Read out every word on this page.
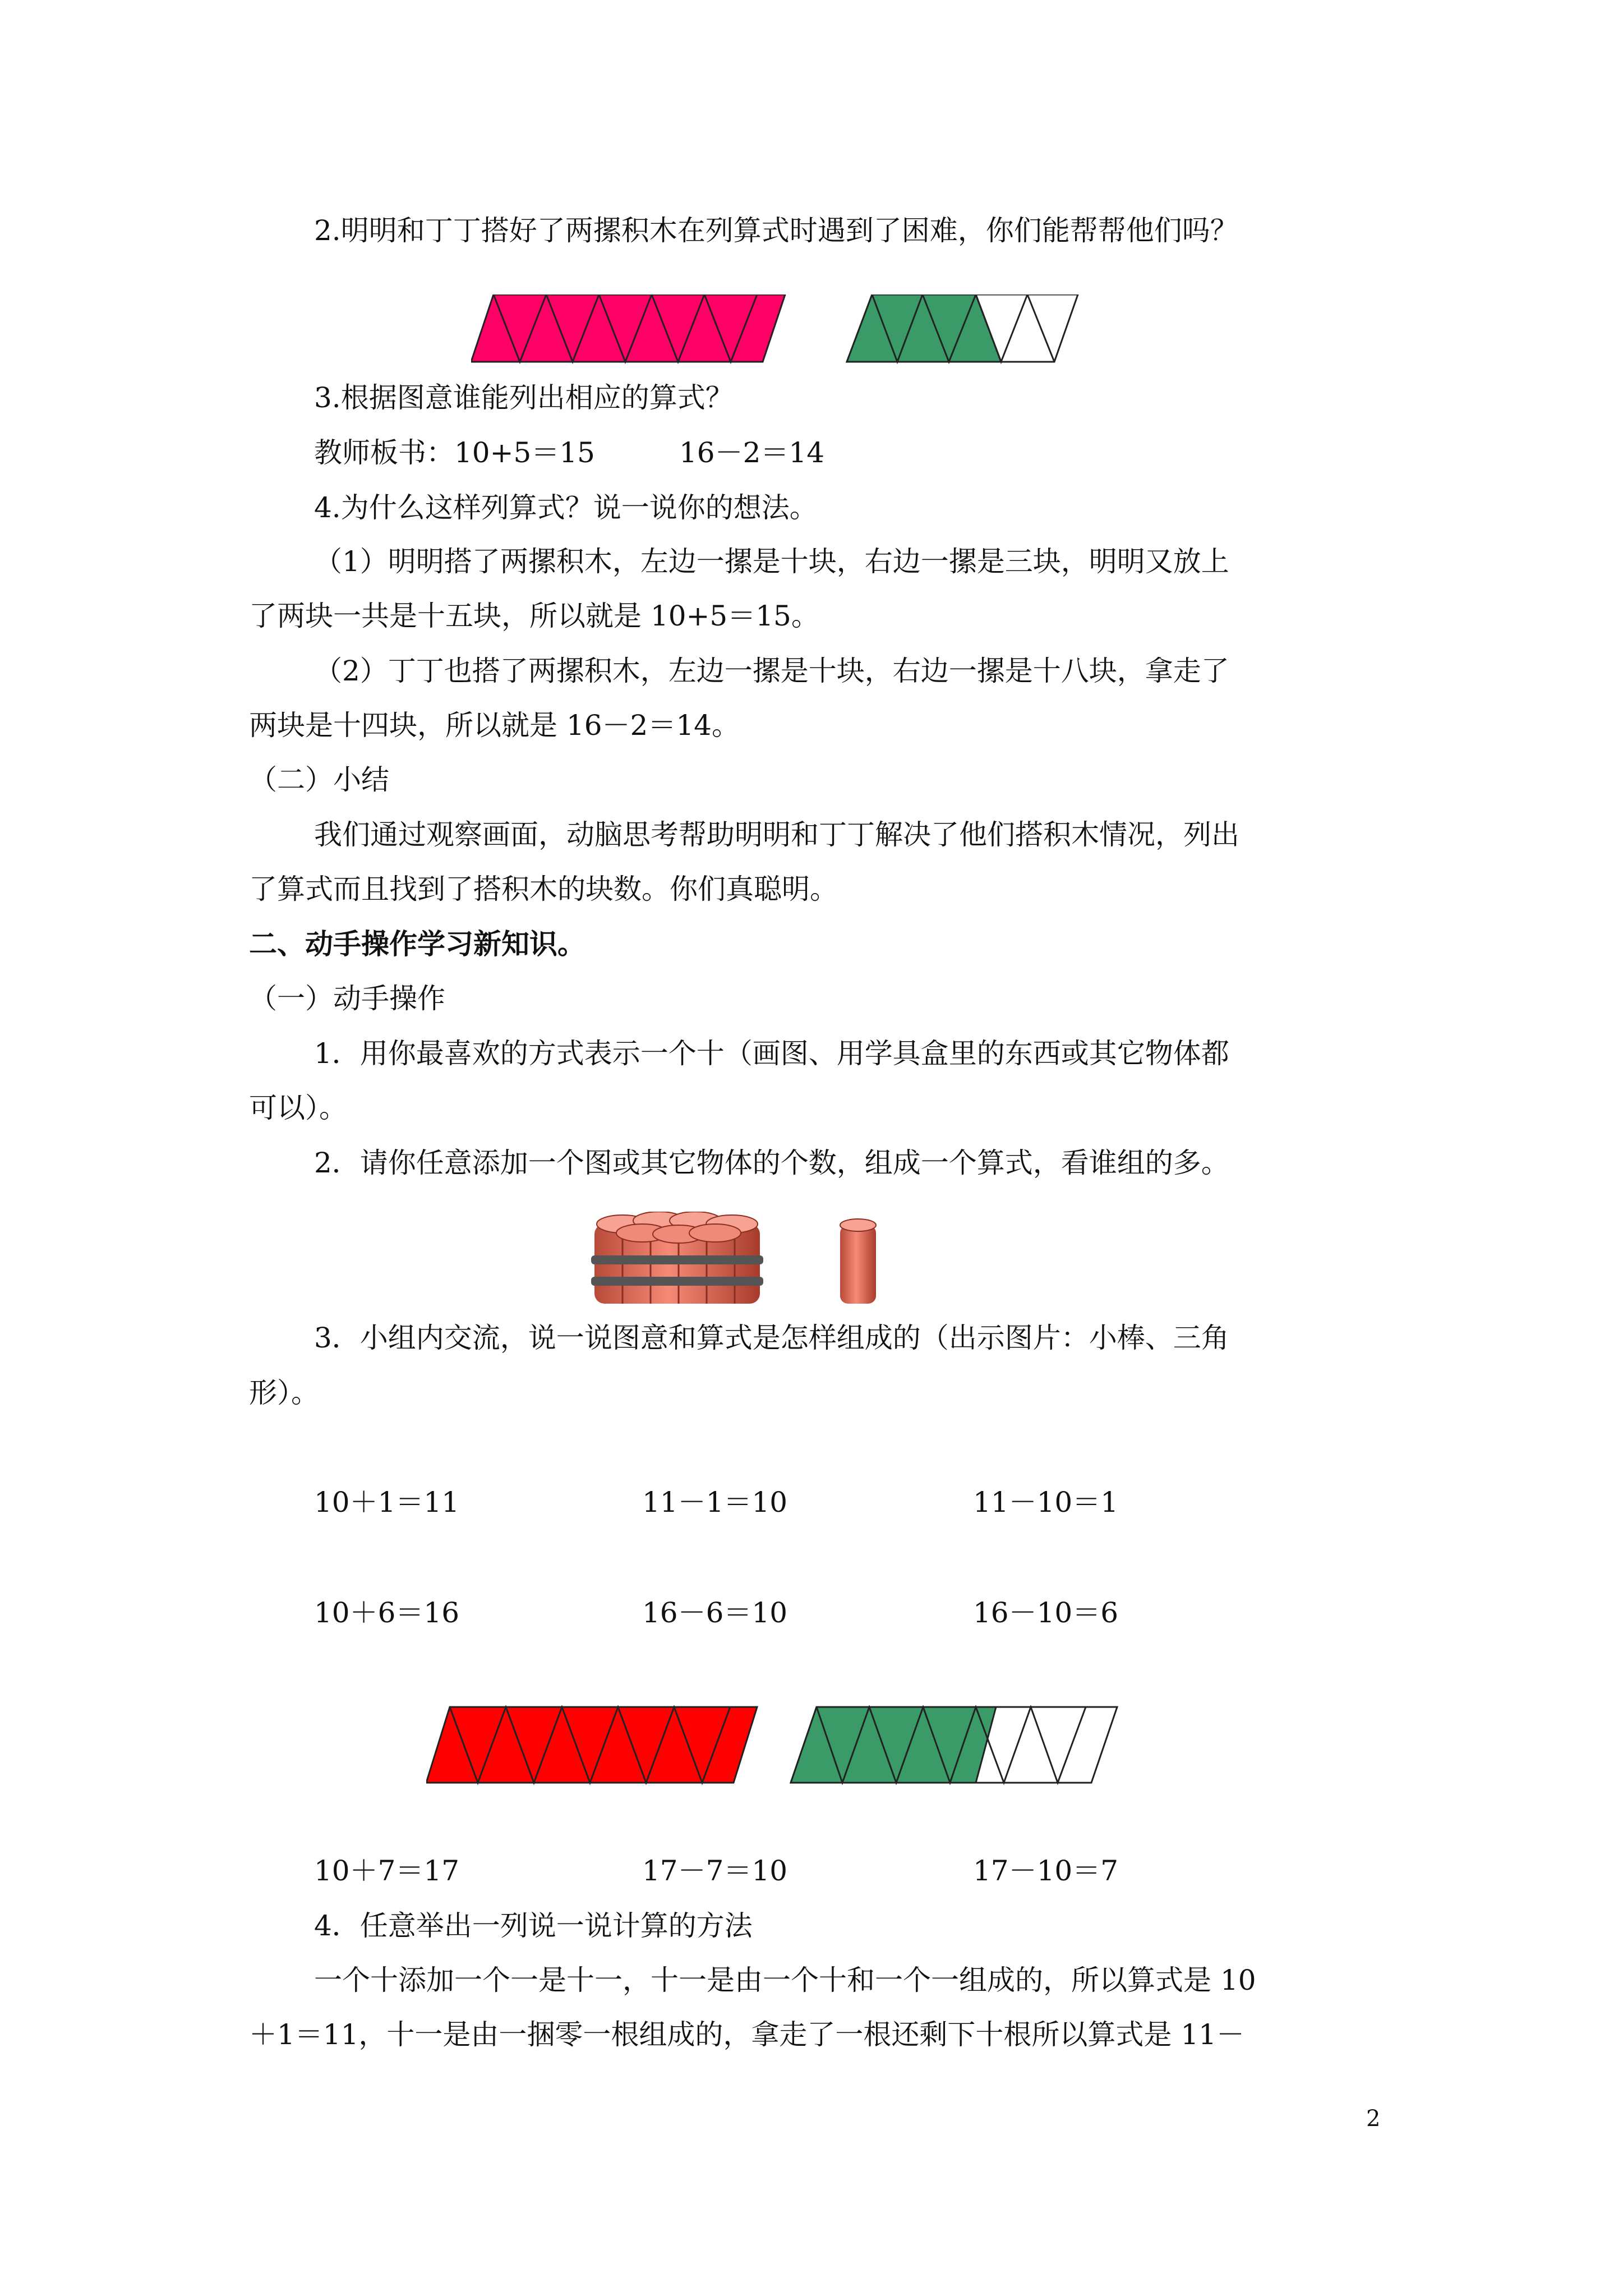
2.明明和丁丁搭好了两摞积木在列算式时遇到了困难，你们能帮帮他们吗？
3.根据图意谁能列出相应的算式？
教师板书：10+5＝15　　　16－2＝14
4.为什么这样列算式？说一说你的想法。
（1）明明搭了两摞积木，左边一摞是十块，右边一摞是三块，明明又放上
了两块一共是十五块，所以就是 10+5＝15。
（2）丁丁也搭了两摞积木，左边一摞是十块，右边一摞是十八块，拿走了
两块是十四块，所以就是 16－2＝14。
（二）小结
我们通过观察画面，动脑思考帮助明明和丁丁解决了他们搭积木情况，列出
了算式而且找到了搭积木的块数。你们真聪明。
二、动手操作学习新知识。
（一）动手操作
1．用你最喜欢的方式表示一个十（画图、用学具盒里的东西或其它物体都
可以）。
2．请你任意添加一个图或其它物体的个数，组成一个算式，看谁组的多。
3．小组内交流，说一说图意和算式是怎样组成的（出示图片：小棒、三角
形）。
10＋1＝11	11－1＝10	11－10＝1
10＋6＝16	16－6＝10	16－10＝6
10＋7＝17	17－7＝10	17－10＝7
4．任意举出一列说一说计算的方法
一个十添加一个一是十一，十一是由一个十和一个一组成的，所以算式是 10
＋1＝11，十一是由一捆零一根组成的，拿走了一根还剩下十根所以算式是 11－
2
